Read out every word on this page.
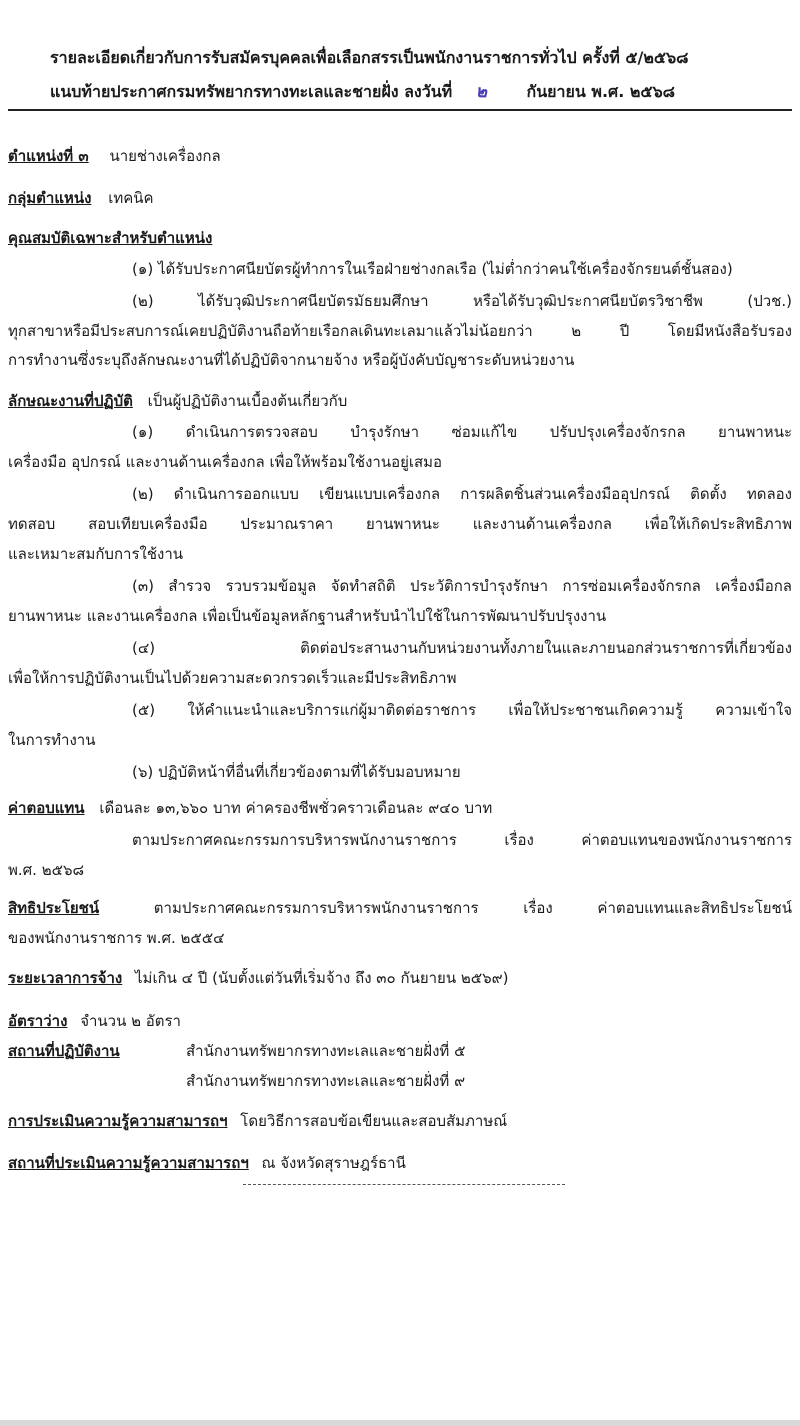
รายละเอียดเกี่ยวกับการรับสมัครบุคคลเพื่อเลือกสรรเป็นพนักงานราชการทั่วไป ครั้งที่ ๕/๒๕๖๘
แนบท้ายประกาศกรมทรัพยากรทางทะเลและชายฝั่ง ลงวันที่ ๒ กันยายน พ.ศ. ๒๕๖๘
ตำแหน่งที่ ๓ นายช่างเครื่องกล
กลุ่มตำแหน่ง เทคนิค
คุณสมบัติเฉพาะสำหรับตำแหน่ง
(๑) ได้รับประกาศนียบัตรผู้ทำการในเรือฝ่ายช่างกลเรือ (ไม่ต่ำกว่าคนใช้เครื่องจักรยนต์ชั้นสอง)
(๒) ได้รับวุฒิประกาศนียบัตรมัธยมศึกษา หรือได้รับวุฒิประกาศนียบัตรวิชาชีพ (ปวช.)
ทุกสาขาหรือมีประสบการณ์เคยปฏิบัติงานถือท้ายเรือกลเดินทะเลมาแล้วไม่น้อยกว่า ๒ ปี โดยมีหนังสือรับรอง
การทำงานซึ่งระบุถึงลักษณะงานที่ได้ปฏิบัติจากนายจ้าง หรือผู้บังคับบัญชาระดับหน่วยงาน
ลักษณะงานที่ปฏิบัติ เป็นผู้ปฏิบัติงานเบื้องต้นเกี่ยวกับ
(๑) ดำเนินการตรวจสอบ บำรุงรักษา ซ่อมแก้ไข ปรับปรุงเครื่องจักรกล ยานพาหนะ
เครื่องมือ อุปกรณ์ และงานด้านเครื่องกล เพื่อให้พร้อมใช้งานอยู่เสมอ
(๒) ดำเนินการออกแบบ เขียนแบบเครื่องกล การผลิตชิ้นส่วนเครื่องมืออุปกรณ์ ติดตั้ง ทดลอง
ทดสอบ สอบเทียบเครื่องมือ ประมาณราคา ยานพาหนะ และงานด้านเครื่องกล เพื่อให้เกิดประสิทธิภาพ
และเหมาะสมกับการใช้งาน
(๓) สำรวจ รวบรวมข้อมูล จัดทำสถิติ ประวัติการบำรุงรักษา การซ่อมเครื่องจักรกล เครื่องมือกล
ยานพาหนะ และงานเครื่องกล เพื่อเป็นข้อมูลหลักฐานสำหรับนำไปใช้ในการพัฒนาปรับปรุงงาน
(๔) ติดต่อประสานงานกับหน่วยงานทั้งภายในและภายนอกส่วนราชการที่เกี่ยวข้อง
เพื่อให้การปฏิบัติงานเป็นไปด้วยความสะดวกรวดเร็วและมีประสิทธิภาพ
(๕) ให้คำแนะนำและบริการแก่ผู้มาติดต่อราชการ เพื่อให้ประชาชนเกิดความรู้ ความเข้าใจ
ในการทำงาน
(๖) ปฏิบัติหน้าที่อื่นที่เกี่ยวข้องตามที่ได้รับมอบหมาย
ค่าตอบแทน เดือนละ ๑๓,๖๖๐ บาท ค่าครองชีพชั่วคราวเดือนละ ๙๔๐ บาท
ตามประกาศคณะกรรมการบริหารพนักงานราชการ เรื่อง ค่าตอบแทนของพนักงานราชการ
พ.ศ. ๒๕๖๘
สิทธิประโยชน์	ตามประกาศคณะกรรมการบริหารพนักงานราชการ เรื่อง ค่าตอบแทนและสิทธิประโยชน์
ของพนักงานราชการ พ.ศ. ๒๕๕๔
ระยะเวลาการจ้าง ไม่เกิน ๔ ปี (นับตั้งแต่วันที่เริ่มจ้าง ถึง ๓๐ กันยายน ๒๕๖๙)
อัตราว่าง จำนวน ๒ อัตรา
สถานที่ปฏิบัติงาน	สำนักงานทรัพยากรทางทะเลและชายฝั่งที่ ๕
สำนักงานทรัพยากรทางทะเลและชายฝั่งที่ ๙
การประเมินความรู้ความสามารถฯ โดยวิธีการสอบข้อเขียนและสอบสัมภาษณ์
สถานที่ประเมินความรู้ความสามารถฯ ณ จังหวัดสุราษฎร์ธานี
